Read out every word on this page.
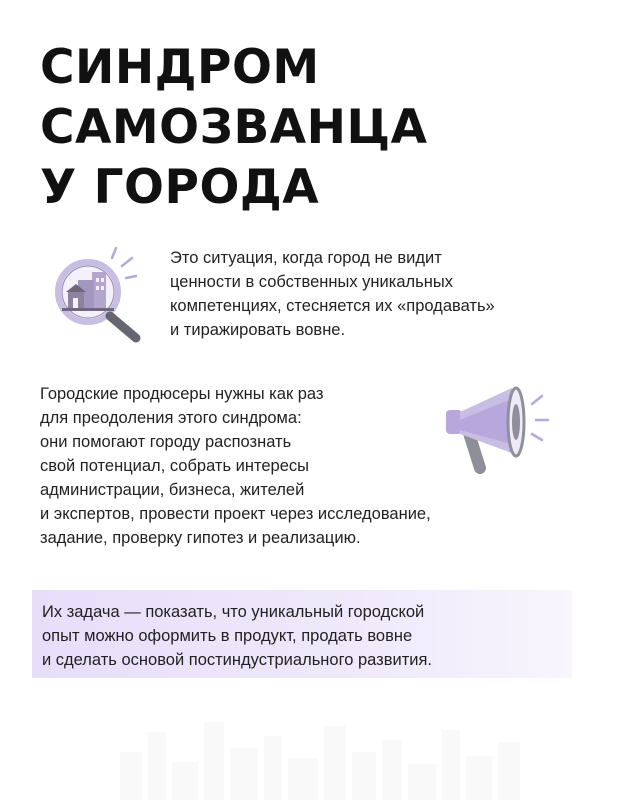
СИНДРОМ
САМОЗВАНЦА
У ГОРОДА
Это ситуация, когда город не видит
ценности в собственных уникальных
компетенциях, стесняется их «продавать»
и тиражировать вовне.
Городские продюсеры нужны как раз
для преодоления этого синдрома:
они помогают городу распознать
свой потенциал, собрать интересы
администрации, бизнеса, жителей
и экспертов, провести проект через исследование,
задание, проверку гипотез и реализацию.
Их задача — показать, что уникальный городской
опыт можно оформить в продукт, продать вовне
и сделать основой постиндустриального развития.
